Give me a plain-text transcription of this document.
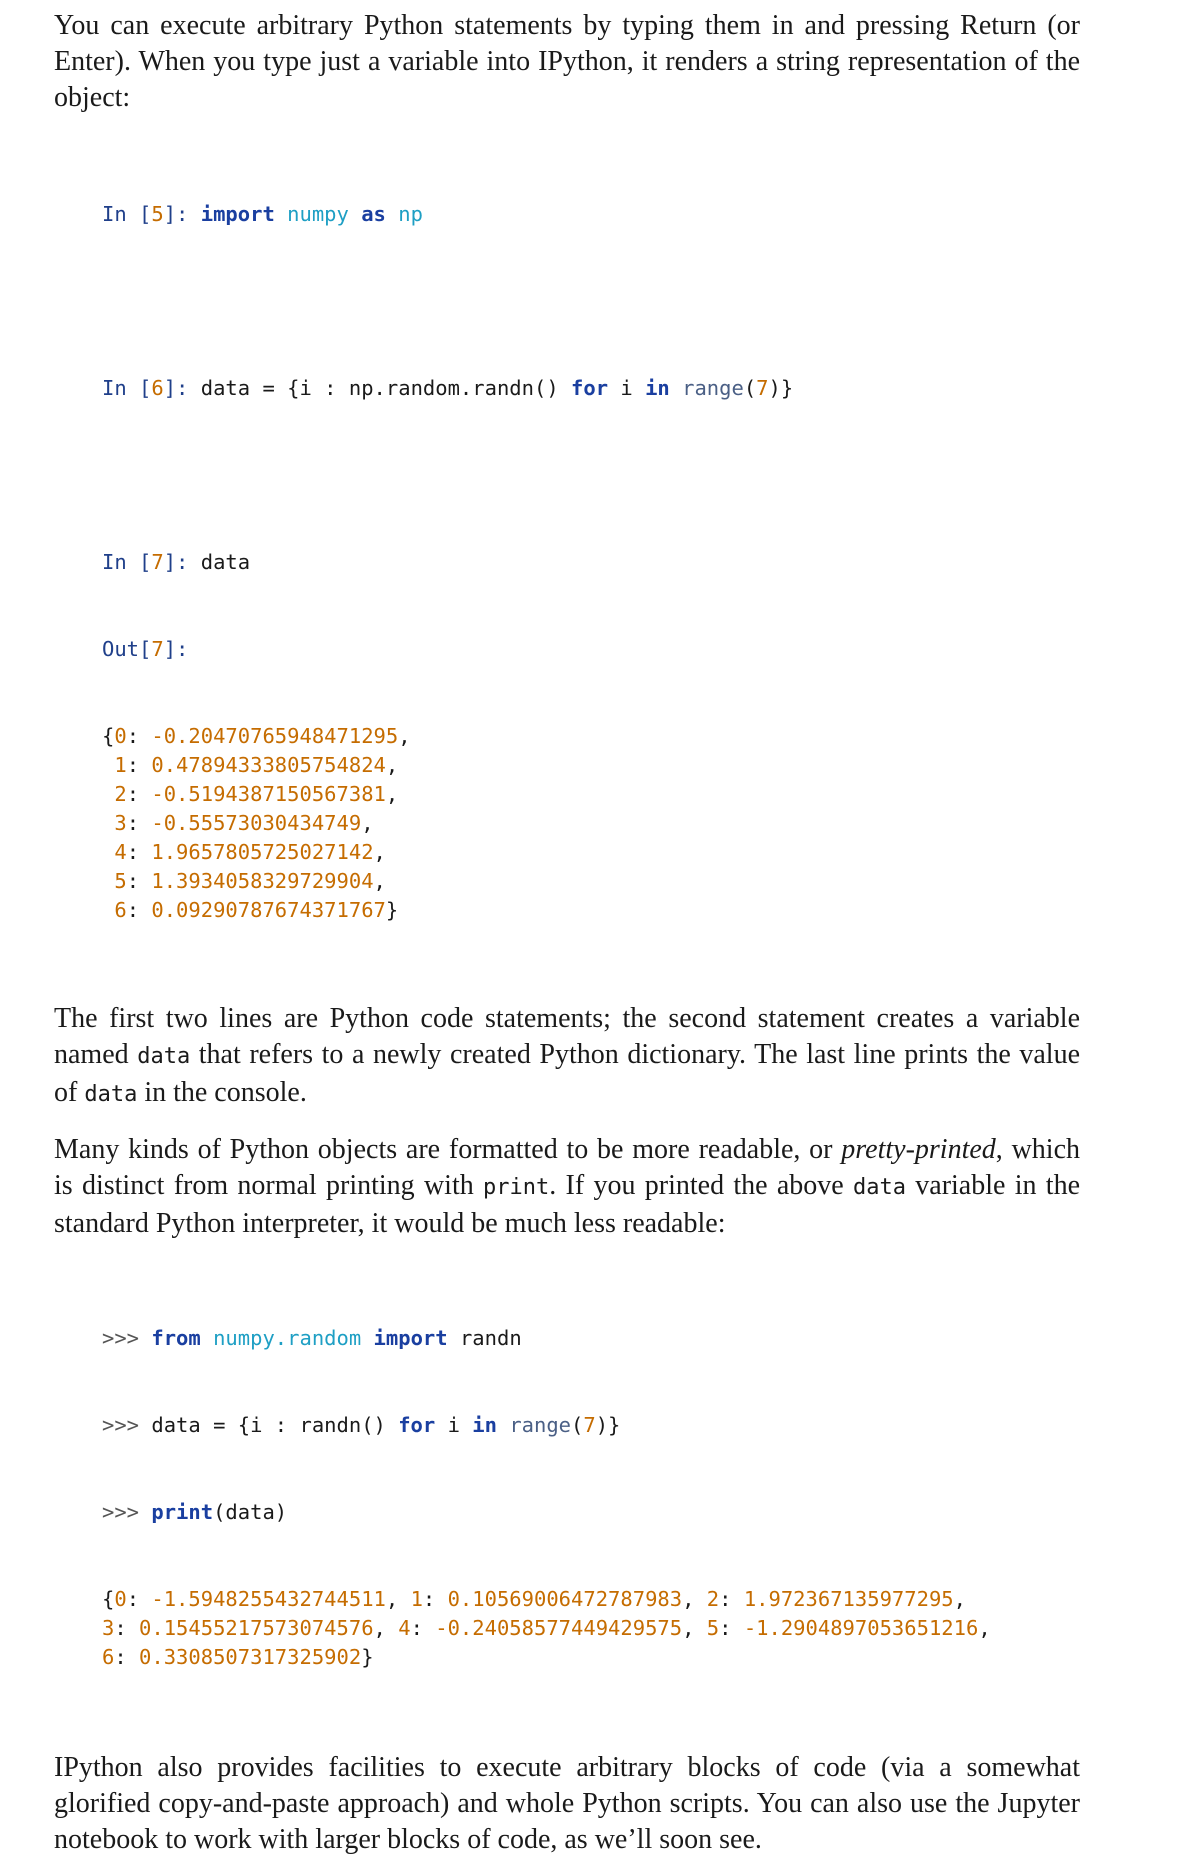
You can execute arbitrary Python statements by typing them in and pressing Return (or Enter). When you type just a variable into IPython, it renders a string representation of the object:

In [5]: import numpy as np

In [6]: data = {i : np.random.randn() for i in range(7)}

In [7]: data

Out[7]:

{0: -0.20470765948471295,
1: 0.47894333805754824,
2: -0.5194387150567381,
3: -0.55573030434749,
4: 1.9657805725027142,
5: 1.3934058329729904,
6: 0.09290787674371767}

The first two lines are Python code statements; the second statement creates a variable named data that refers to a newly created Python dictionary. The last line prints the value of data in the console.

Many kinds of Python objects are formatted to be more readable, or pretty-printed, which is distinct from normal printing with print. If you printed the above data variable in the standard Python interpreter, it would be much less readable:

>>> from numpy.random import randn

>>> data = {i : randn() for i in range(7)}

>>> print(data)

{0: -1.5948255432744511, 1: 0.10569006472787983, 2: 1.972367135977295,
3: 0.15455217573074576, 4: -0.24058577449429575, 5: -1.2904897053651216,
6: 0.3308507317325902}

IPython also provides facilities to execute arbitrary blocks of code (via a somewhat glorified copy-and-paste approach) and whole Python scripts. You can also use the Jupyter notebook to work with larger blocks of code, as we’ll soon see.
